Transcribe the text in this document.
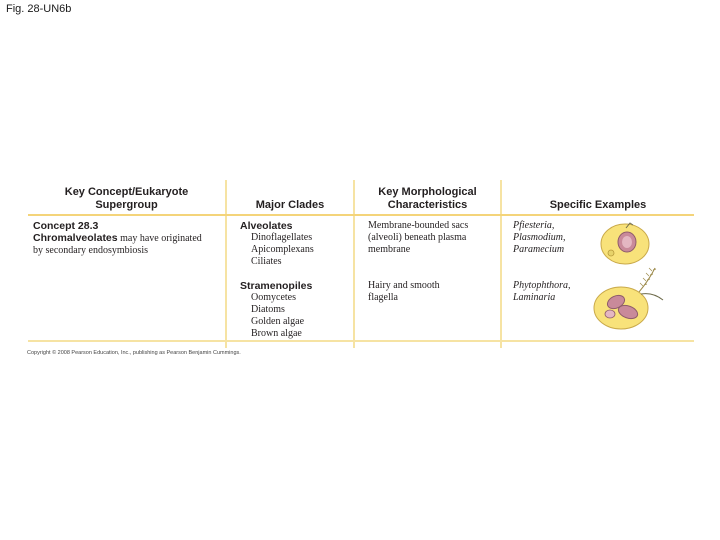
Fig. 28-UN6b
Key Concept/Eukaryote
Supergroup	Major Clades
Key Morphological
Characteristics	Specific Examples
Concept 28.3
Chromalveolates may have originated
by secondary endosymbiosis
Alveolates
Dinoflagellates
Apicomplexans
Ciliates
Stramenopiles
Oomycetes
Diatoms
Golden algae
Brown algae
Membrane-bounded sacs
(alveoli) beneath plasma
membrane
Hairy and smooth
flagella
Pfiesteria,
Plasmodium,
Paramecium
Phytophthora,
Laminaria
Copyright © 2008 Pearson Education, Inc., publishing as Pearson Benjamin Cummings.
